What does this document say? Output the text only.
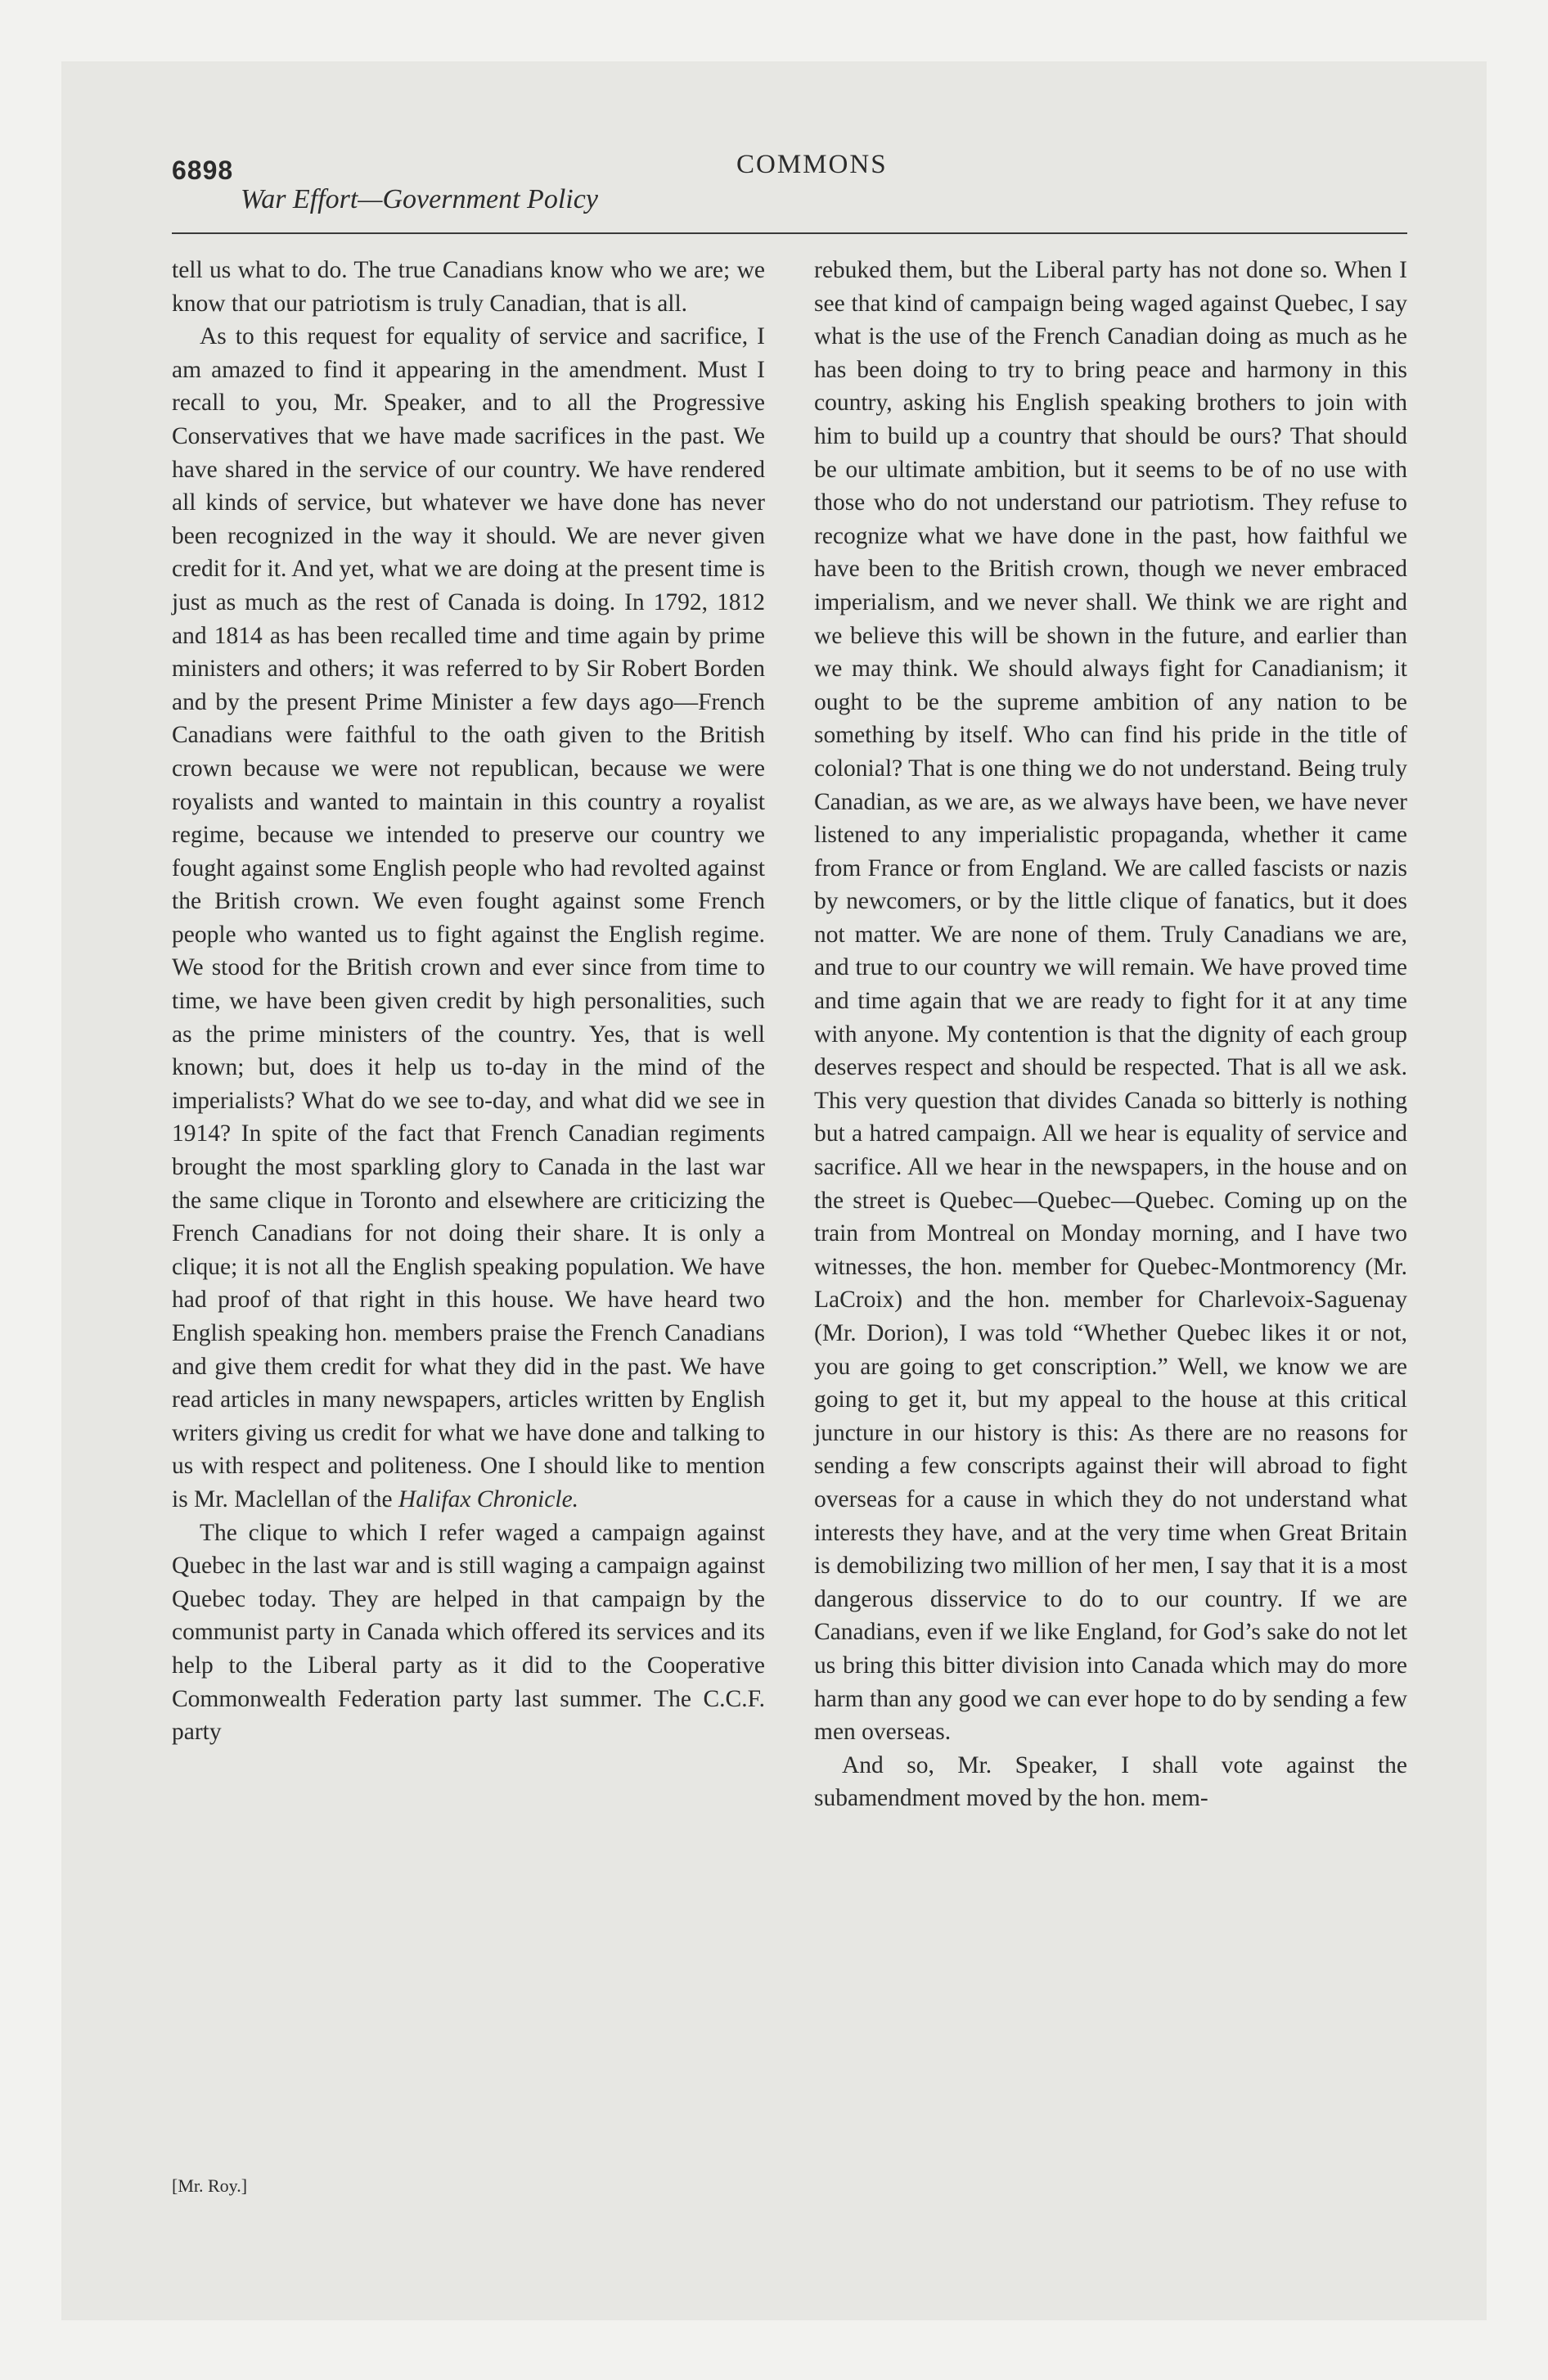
6898	COMMONS
War Effort—Government Policy

tell us what to do. The true Canadians know who we are; we know that our patriotism is truly Canadian, that is all.

As to this request for equality of service and sacrifice, I am amazed to find it appearing in the amendment. Must I recall to you, Mr. Speaker, and to all the Progressive Conservatives that we have made sacrifices in the past. We have shared in the service of our country. We have rendered all kinds of service, but whatever we have done has never been recognized in the way it should. We are never given credit for it. And yet, what we are doing at the present time is just as much as the rest of Canada is doing. In 1792, 1812 and 1814 as has been recalled time and time again by prime ministers and others; it was referred to by Sir Robert Borden and by the present Prime Minister a few days ago—French Canadians were faithful to the oath given to the British crown because we were not republican, because we were royalists and wanted to maintain in this country a royalist regime, because we intended to preserve our country we fought against some English people who had revolted against the British crown. We even fought against some French people who wanted us to fight against the English regime. We stood for the British crown and ever since from time to time, we have been given credit by high personalities, such as the prime ministers of the country. Yes, that is well known; but, does it help us to-day in the mind of the imperialists? What do we see to-day, and what did we see in 1914? In spite of the fact that French Canadian regiments brought the most sparkling glory to Canada in the last war the same clique in Toronto and elsewhere are criticizing the French Canadians for not doing their share. It is only a clique; it is not all the English speaking population. We have had proof of that right in this house. We have heard two English speaking hon. members praise the French Canadians and give them credit for what they did in the past. We have read articles in many newspapers, articles written by English writers giving us credit for what we have done and talking to us with respect and politeness. One I should like to mention is Mr. Maclellan of the Halifax Chronicle.

The clique to which I refer waged a campaign against Quebec in the last war and is still waging a campaign against Quebec today. They are helped in that campaign by the communist party in Canada which offered its services and its help to the Liberal party as it did to the Cooperative Commonwealth Federation party last summer. The C.C.F. party

rebuked them, but the Liberal party has not done so. When I see that kind of campaign being waged against Quebec, I say what is the use of the French Canadian doing as much as he has been doing to try to bring peace and harmony in this country, asking his English speaking brothers to join with him to build up a country that should be ours? That should be our ultimate ambition, but it seems to be of no use with those who do not understand our patriotism. They refuse to recognize what we have done in the past, how faithful we have been to the British crown, though we never embraced imperialism, and we never shall. We think we are right and we believe this will be shown in the future, and earlier than we may think. We should always fight for Canadianism; it ought to be the supreme ambition of any nation to be something by itself. Who can find his pride in the title of colonial? That is one thing we do not understand. Being truly Canadian, as we are, as we always have been, we have never listened to any imperialistic propaganda, whether it came from France or from England. We are called fascists or nazis by newcomers, or by the little clique of fanatics, but it does not matter. We are none of them. Truly Canadians we are, and true to our country we will remain. We have proved time and time again that we are ready to fight for it at any time with anyone. My contention is that the dignity of each group deserves respect and should be respected. That is all we ask. This very question that divides Canada so bitterly is nothing but a hatred campaign. All we hear is equality of service and sacrifice. All we hear in the newspapers, in the house and on the street is Quebec—Quebec—Quebec. Coming up on the train from Montreal on Monday morning, and I have two witnesses, the hon. member for Quebec-Montmorency (Mr. LaCroix) and the hon. member for Charlevoix-Saguenay (Mr. Dorion), I was told “Whether Quebec likes it or not, you are going to get conscription.” Well, we know we are going to get it, but my appeal to the house at this critical juncture in our history is this: As there are no reasons for sending a few conscripts against their will abroad to fight overseas for a cause in which they do not understand what interests they have, and at the very time when Great Britain is demobilizing two million of her men, I say that it is a most dangerous disservice to do to our country. If we are Canadians, even if we like England, for God’s sake do not let us bring this bitter division into Canada which may do more harm than any good we can ever hope to do by sending a few men overseas.

And so, Mr. Speaker, I shall vote against the subamendment moved by the hon. mem-

[Mr. Roy.]
